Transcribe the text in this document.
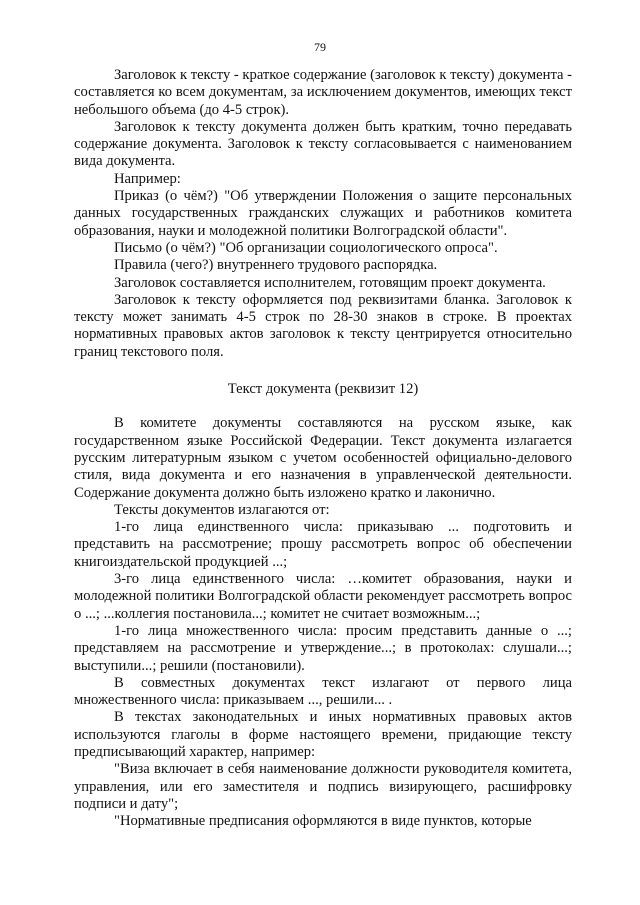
79

Заголовок к тексту - краткое содержание (заголовок к тексту) документа - составляется ко всем документам, за исключением документов, имеющих текст небольшого объема (до 4-5 строк).

Заголовок к тексту документа должен быть кратким, точно передавать содержание документа. Заголовок к тексту согласовывается с наименованием вида документа.

Например:

Приказ (о чём?) "Об утверждении Положения о защите персональных данных государственных гражданских служащих и работников комитета образования, науки и молодежной политики Волгоградской области".

Письмо (о чём?) "Об организации социологического опроса".

Правила (чего?) внутреннего трудового распорядка.

Заголовок составляется исполнителем, готовящим проект документа.

Заголовок к тексту оформляется под реквизитами бланка. Заголовок к тексту может занимать 4-5 строк по 28-30 знаков в строке. В проектах нормативных правовых актов заголовок к тексту центрируется относительно границ текстового поля.

Текст документа (реквизит 12)

В комитете документы составляются на русском языке, как государственном языке Российской Федерации. Текст документа излагается русским литературным языком с учетом особенностей официально-делового стиля, вида документа и его назначения в управленческой деятельности. Содержание документа должно быть изложено кратко и лаконично.

Тексты документов излагаются от:

1-го лица единственного числа: приказываю ... подготовить и представить на рассмотрение; прошу рассмотреть вопрос об обеспечении книгоиздательской продукцией ...;

3-го лица единственного числа: …комитет образования, науки и молодежной политики Волгоградской области рекомендует рассмотреть вопрос о ...; ...коллегия постановила...; комитет не считает возможным...;

1-го лица множественного числа: просим представить данные о ...; представляем на рассмотрение и утверждение...; в протоколах: слушали...; выступили...; решили (постановили).

В совместных документах текст излагают от первого лица множественного числа: приказываем ..., решили... .

В текстах законодательных и иных нормативных правовых актов используются глаголы в форме настоящего времени, придающие тексту предписывающий характер, например:

"Виза включает в себя наименование должности руководителя комитета, управления, или его заместителя и подпись визирующего, расшифровку подписи и дату";

"Нормативные предписания оформляются в виде пунктов, которые
